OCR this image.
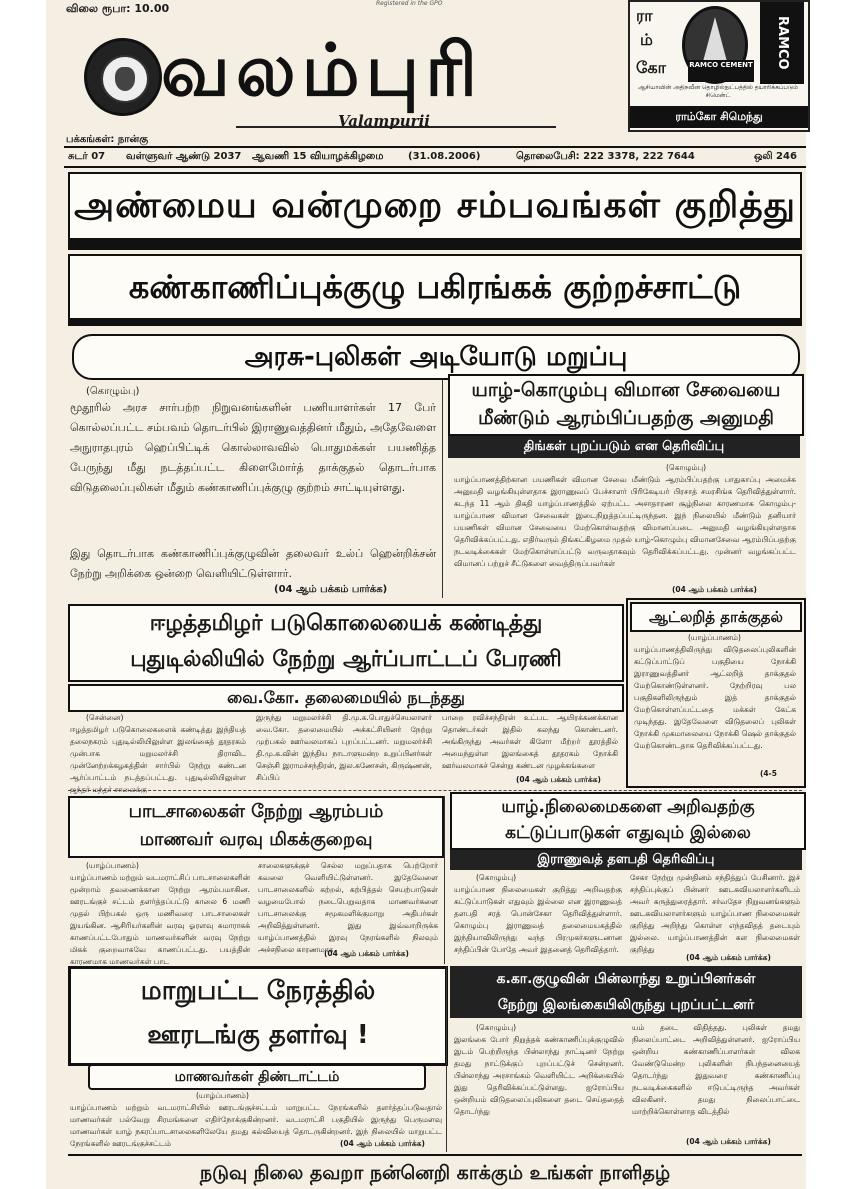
விலை ரூபா: 10.00	Registered in the GPO
வலம்புரி
Valampurii
ரா
ம்
கோ	RAMCO CEMENT	RAMCO
ஆசியாவின் அதிநவீன தொழில்நுட்பத்தில் தயாரிக்கப்படும் சிமென்ட்
ராம்கோ சிமெந்து
பக்கங்கள்: நான்கு
சுடர் 07 வள்ளுவர் ஆண்டு 2037 ஆவணி 15 வியாழக்கிழமை (31.08.2006)	தொலைபேசி: 222 3378, 222 7644	ஒலி 246
அண்மைய வன்முறை சம்பவங்கள் குறித்து
கண்காணிப்புக்குழு பகிரங்கக் குற்றச்சாட்டு
அரசு-புலிகள் அடியோடு மறுப்பு
(கொழும்பு)
மூதூரில் அரச சார்பற்ற நிறுவனங்களின் பணியாளர்கள் 17 பேர் கொல்லப்பட்ட சம்பவம் தொடர்பில் இராணுவத்தினர் மீதும், அதேவேளை அநுராதபுரம் ஹெப்பிட்டிக் கொல்லாவவில் பொதுமக்கள் பயணித்த பேருந்து மீது நடத்தப்பட்ட கிளைமோர்த் தாக்குதல் தொடர்பாக விடுதலைப்புலிகள் மீதும் கண்காணிப்புக்குழு குற்றம் சாட்டியுள்ளது.
இது தொடர்பாக கண்காணிப்புக்குழுவின் தலைவர் உல்ப் ஹென்றிக்சன் நேற்று அறிக்கை ஒன்றை வெளியிட்டுள்ளார்.
(04 ஆம் பக்கம் பார்க்க)
யாழ்-கொழும்பு விமான சேவையை
மீண்டும் ஆரம்பிப்பதற்கு அனுமதி
திங்கள் புறப்படும் என தெரிவிப்பு
(கொழும்பு)
யாழ்ப்பாணத்திற்கான பயணிகள் விமான சேவை மீண்டும் ஆரம்பிப்பதற்கு பாதுகாப்பு அமைச்சு அனுமதி வழங்கியுள்ளதாக இராணுவப் பேச்சாளர் பிரிகேடியர் பிரசாத் சமரசிங்க தெரிவித்துள்ளார். கடந்த 11 ஆம் திகதி யாழ்ப்பாணத்தில் ஏற்பட்ட அசாதாரண சூழ்நிலை காரணமாக கொழும்பு-யாழ்ப்பாண விமான சேவைகள் இடைநிறுத்தப்பட்டிருந்தன. இந் நிலையில் மீண்டும் தனியார் பயணிகள் விமான சேவையை மேற்கொள்வதற்கு விமானப்படை அனுமதி வழங்கியுள்ளதாக தெரிவிக்கப்பட்டது. எதிர்வரும் திங்கட்கிழமை முதல் யாழ்-கொழும்பு விமானசேவை ஆரம்பிப்பதற்கு நடவடிக்கைகள் மேற்கொள்ளப்பட்டு வருவதாகவும் தெரிவிக்கப்பட்டது. முன்னர் வழங்கப்பட்ட விமானப் பற்றுச் சீட்டுகளை வைத்திருப்பவர்கள்
(04 ஆம் பக்கம் பார்க்க)
ஈழத்தமிழர் படுகொலையைக் கண்டித்து
புதுடில்லியில் நேற்று ஆர்ப்பாட்டப் பேரணி
வை.கோ. தலைமையில் நடந்தது
(சென்னை)
ஈழத்தமிழர் படுகொலைகளைக் கண்டித்து இந்தியத் தலைநகரம் புதுடில்லியிலுள்ள இலங்கைத் தூதரகம் முன்பாக மறுமலர்ச்சி திராவிட முன்னேற்றக்கழகத்தின் சார்பில் நேற்று கண்டன ஆர்ப்பாட்டம் நடத்தப்பட்டது. புதுடில்லியிலுள்ள ஜந்தர் மந்தர் சாலைக்கு
இருந்து மறுமலர்ச்சி தி.மு.க.பொதுச்செயலாளர் வை.கோ. தலைமையில் அக்கட்சியினர் நேற்று முற்பகல் ஊர்வலமாகப் புறப்பட்டனர். மறுமலர்ச்சி தி.மு.க.வின் இந்திய நாடாளுமன்ற உறுப்பினர்கள் செஞ்சி இராமச்சந்திரன், இல.கணேசன், கிருஷ்ணன், சிப்பிப்
பாறை ரவிச்சந்திரன் உட்பட ஆயிரக்கணக்கான தொண்டர்கள் இதில் கலந்து கொண்டனர். அங்கிருந்து அவர்கள் கிளோ மீற்றர் தூரத்தில் அமைந்துள்ள இலங்கைத் தூதரகம் நோக்கி ஊர்வலமாகச் சென்று கண்டன முழக்கங்களை
(04 ஆம் பக்கம் பார்க்க)
ஆட்லறித் தாக்குதல்
(யாழ்ப்பாணம்)
யாழ்ப்பாணத்திலிருந்து விடுதலைப்புலிகளின் கட்டுப்பாட்டுப் பகுதியை நோக்கி இராணுவத்தினர் ஆட்லறித் தாக்குதல் மேற்கொண்டுள்ளனர். நேற்றிரவு பல பகுதிகளிலிருந்தும் இத் தாக்குதல் மேற்கொள்ளப்பட்டதை மக்கள் கேட்க முடிந்தது. இதேவேளை விடுதலைப் புலிகள் நோக்கி முகமாலையை நோக்கி ஷெல் தாக்குதல் மேற்கொண்டதாக தெரிவிக்கப்பட்டது.
(4-5
பாடசாலைகள் நேற்று ஆரம்பம்
மாணவர் வரவு மிகக்குறைவு
(யாழ்ப்பாணம்)
யாழ்ப்பாணம் மற்றும் வடமராட்சிப் பாடசாலைகளின் மூன்றாம் தவணைக்கான நேற்று ஆரம்பமாகின. ஊரடங்குச் சட்டம் தளர்த்தப்பட்டு காலை 6 மணி முதல் பிற்பகல் ஒரு மணிவரை பாடசாலைகள் இயங்கின. ஆசிரியர்களின் வரவு ஓரளவு சுமாராகக் காணப்பட்டபோதும் மாணவர்களின் வரவு நேற்று மிகக் குறைவாகவே காணப்பட்டது. பயத்தின் காரணமாக மாணவர்கள் பாட
சாலைகளுக்குச் செல்ல மறுப்பதாக பெற்றோர் கவலை வெளியிட்டுள்ளனர். இதேவேளை பாடசாலைகளில் கற்றல், கற்பித்தல் செயற்பாடுகள் வழமைபோல் நடைபெறுவதாக மாணவர்களை பாடசாலைக்கு சமூகமளிக்குமாறு அதிபர்கள் அறிவித்துள்ளனர். இது இவ்வாறிருக்க யாழ்ப்பாணத்தில் இரவு நேரங்களில் நிலவும் அச்சநிலை காரணமாக
(04 ஆம் பக்கம் பார்க்க)
யாழ்.நிலைமைகளை அறிவதற்கு
கட்டுப்பாடுகள் எதுவும் இல்லை
இராணுவத் தளபதி தெரிவிப்பு
(கொழும்பு)
யாழ்ப்பாண நிலைமைகள் குறித்து அறிவதற்கு கட்டுப்பாடுகள் எதுவும் இல்லை என இராணுவத் தளபதி சரத் பொன்சேகா தெரிவித்துள்ளார். கொழும்பு இராணுவத் தலைமையகத்தில் இந்தியாவிலிருந்து வந்த பிரமுகர்களுடனான சந்திப்பின் போதே அவர் இதனைத் தெரிவித்தார்.
சேகா நேற்று முன்தினம் சந்தித்துப் பேசினார். இச் சந்திப்புக்குப் பின்னர் ஊடகவியலாளர்களிடம் அவர் கருத்துரைத்தார். சர்வதேச நிறுவனங்களும் ஊடகவியலாளர்களும் யாழ்ப்பாண நிலைமைகள் குறித்து அறிந்து கொள்ள எந்தவிதத் தடையும் இல்லை. யாழ்ப்பாணத்தின் கள நிலைமைகள் குறித்து
(04 ஆம் பக்கம் பார்க்க)
மாறுபட்ட நேரத்தில்
ஊரடங்கு தளர்வு !
மாணவர்கள் திண்டாட்டம்
(யாழ்ப்பாணம்)
யாழ்ப்பாணம் மற்றும் வடமராட்சியில் ஊரடங்குச்சட்டம் மாறுபட்ட நேரங்களில் தளர்த்தப்படுவதால் மாணவர்கள் பல்வேறு சிரமங்களை எதிர்நோக்குகின்றனர். வடமராட்சி பகுதியில் இருந்து பெருமளவு மாணவர்கள் யாழ் நகரப்பாடசாலைகளிலேயே தமது கல்வியைத் தொடருகின்றனர். இந் நிலையில் மாறுபட்ட நேரங்களில் ஊரடங்குச்சட்டம்	(04 ஆம் பக்கம் பார்க்க)
க.கா.குழுவின் பின்லாந்து உறுப்பினர்கள்
நேற்று இலங்கையிலிருந்து புறப்பட்டனர்
(கொழும்பு)
இலங்கை போர் நிறுத்தக் கண்காணிப்புக்குழுவில் இடம் பெற்றிருந்த பின்லாந்து நாட்டினர் நேற்று தமது நாட்டுக்குப் புறப்பட்டுச் சென்றனர். பின்லாந்து அரசாங்கம் வெளியிட்ட அறிக்கையில் இது தெரிவிக்கப்பட்டுள்ளது. ஐரோப்பிய ஒன்றியம் விடுதலைப்புலிகளை தடை செய்ததைத் தொடர்ந்து
யம் தடை விதித்தது. புலிகள் தமது நிலைப்பாட்டை அறிவித்துள்ளனர். ஐரோப்பிய ஒன்றிய கண்காணிப்பாளர்கள் விலக வேண்டுமென்ற புலிகளின் நிபந்தனையைத் தொடர்ந்து இதுவரை கண்காணிப்பு நடவடிக்கைகளில் ஈடுபட்டிருந்த அவர்கள் விலகினர். தமது நிலைப்பாட்டை மாற்றிக்கொள்ளாத விடத்தில்
(04 ஆம் பக்கம் பார்க்க)
நடுவு நிலை தவறா நன்னெறி காக்கும் உங்கள் நாளிதழ்
